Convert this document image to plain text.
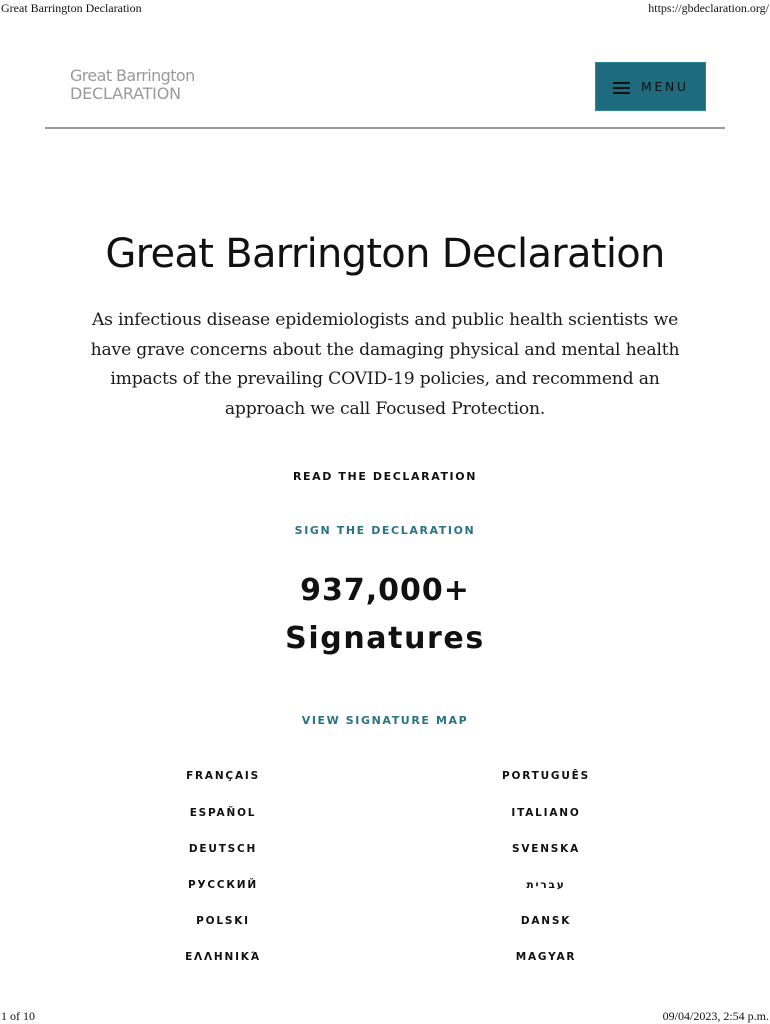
Great Barrington Declaration	https://gbdeclaration.org/
Great Barrington
DECLARATION	MENU
Great Barrington Declaration

As infectious disease epidemiologists and public health scientists we have grave concerns about the damaging physical and mental health impacts of the prevailing COVID-19 policies, and recommend an approach we call Focused Protection.

READ THE DECLARATION
SIGN THE DECLARATION
937,000+
Signatures
VIEW SIGNATURE MAP
FRANÇAIS	PORTUGUÊS
ESPAÑOL	ITALIANO
DEUTSCH	SVENSKA
РУССКИЙ	עברית
POLSKI	DANSK
ΕΛΛΗΝΙΚΆ	MAGYAR
1 of 10	09/04/2023, 2:54 p.m.
